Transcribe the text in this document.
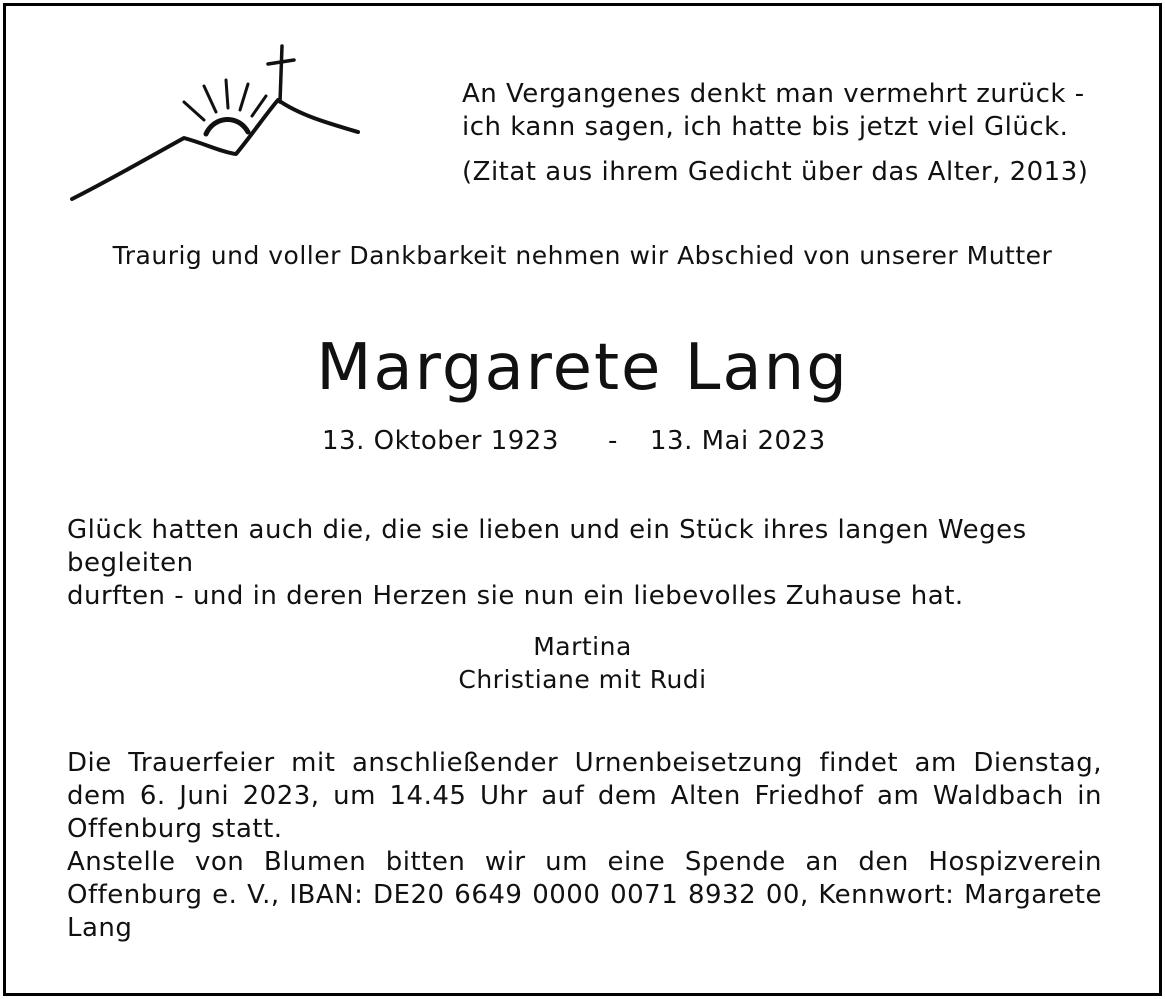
An Vergangenes denkt man vermehrt zurück -
ich kann sagen, ich hatte bis jetzt viel Glück.
(Zitat aus ihrem Gedicht über das Alter, 2013)
Traurig und voller Dankbarkeit nehmen wir Abschied von unserer Mutter
Margarete Lang
13. Oktober 1923 - 13. Mai 2023
Glück hatten auch die, die sie lieben und ein Stück ihres langen Weges begleiten
durften - und in deren Herzen sie nun ein liebevolles Zuhause hat.
Martina
Christiane mit Rudi

Die Trauerfeier mit anschließender Urnenbeisetzung findet am Dienstag, dem 6. Juni 2023, um 14.45 Uhr auf dem Alten Friedhof am Waldbach in Offenburg statt.

Anstelle von Blumen bitten wir um eine Spende an den Hospizverein Offenburg e. V., IBAN: DE20 6649 0000 0071 8932 00, Kennwort: Margarete Lang
